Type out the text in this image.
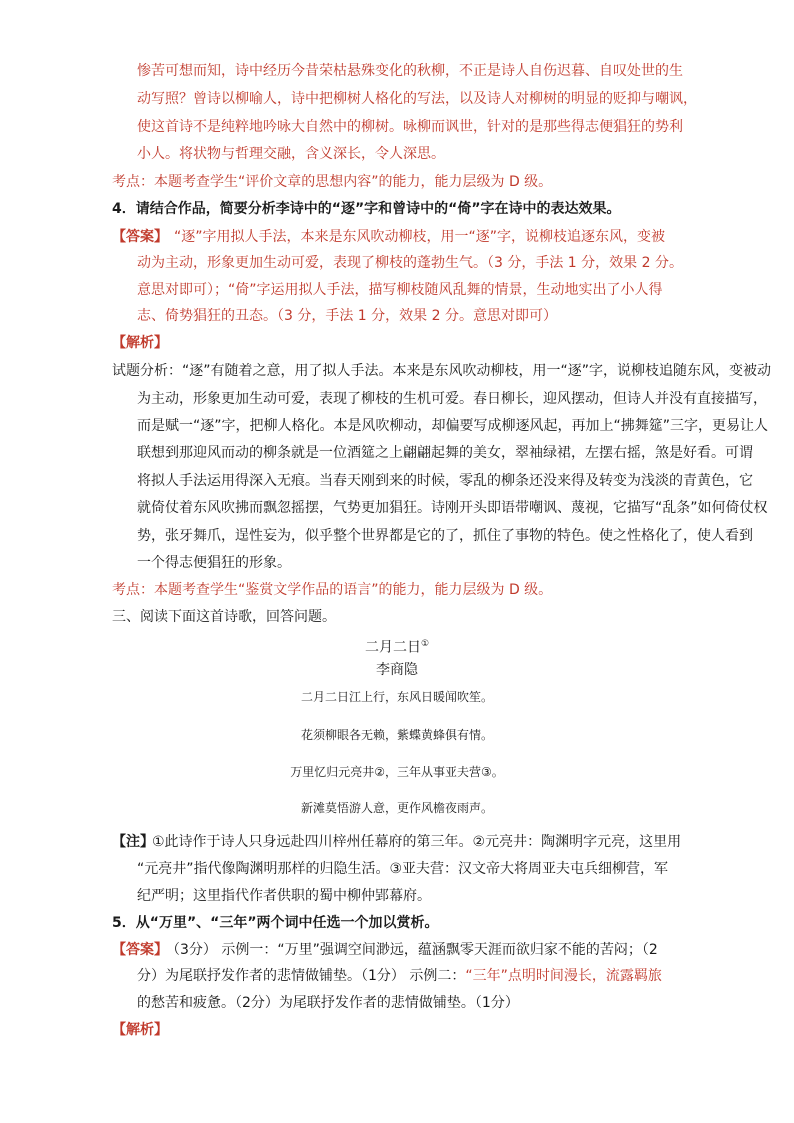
惨苦可想而知，诗中经历今昔荣枯悬殊变化的秋柳，不正是诗人自伤迟暮、自叹处世的生
动写照？曾诗以柳喻人，诗中把柳树人格化的写法，以及诗人对柳树的明显的贬抑与嘲讽，
使这首诗不是纯粹地吟咏大自然中的柳树。咏柳而讽世，针对的是那些得志便猖狂的势利
小人。将状物与哲理交融，含义深长，令人深思。
考点：本题考查学生“评价文章的思想内容”的能力，能力层级为 D 级。
4．请结合作品，简要分析李诗中的“逐”字和曾诗中的“倚”字在诗中的表达效果。
【答案】 “逐”字用拟人手法，本来是东风吹动柳枝，用一“逐”字，说柳枝追逐东风，变被
动为主动，形象更加生动可爱，表现了柳枝的蓬勃生气。（3 分，手法 1 分，效果 2 分。
意思对即可）；“倚”字运用拟人手法，描写柳枝随风乱舞的情景，生动地实出了小人得
志、倚势猖狂的丑态。（3 分，手法 1 分，效果 2 分。意思对即可）
【解析】
试题分析：“逐”有随着之意，用了拟人手法。本来是东风吹动柳枝，用一“逐”字，说柳枝追随东风，变被动
为主动，形象更加生动可爱，表现了柳枝的生机可爱。春日柳长，迎风摆动，但诗人并没有直接描写，
而是赋一“逐”字，把柳人格化。本是风吹柳动，却偏要写成柳逐风起，再加上“拂舞筵”三字，更易让人
联想到那迎风而动的柳条就是一位酒筵之上翩翩起舞的美女，翠袖绿裙，左摆右摇，煞是好看。可谓
将拟人手法运用得深入无痕。当春天刚到来的时候，零乱的柳条还没来得及转变为浅淡的青黄色，它
就倚仗着东风吹拂而飘忽摇摆，气势更加猖狂。诗刚开头即语带嘲讽、蔑视，它描写“乱条”如何倚仗权
势，张牙舞爪，逞性妄为，似乎整个世界都是它的了，抓住了事物的特色。使之性格化了，使人看到
一个得志便猖狂的形象。
考点：本题考查学生“鉴赏文学作品的语言”的能力，能力层级为 D 级。
三、阅读下面这首诗歌，回答问题。
二月二日①
李商隐
二月二日江上行，东风日暖闻吹笙。
花须柳眼各无赖，紫蝶黄蜂俱有情。
万里忆归元亮井②，三年从事亚夫营③。
新滩莫悟游人意，更作风檐夜雨声。
【注】
①此诗作于诗人只身远赴四川梓州任幕府的第三年。②元亮井：陶渊明字元亮，这里用
“元亮井”指代像陶渊明那样的归隐生活。③亚夫营：汉文帝大将周亚夫屯兵细柳营，军
纪严明；这里指代作者供职的蜀中柳仲郢幕府。
5．从“万里”、“三年”两个词中任选一个加以赏析。
【答案】
（3分） 示例一：“万里”强调空间渺远，蕴涵飘零天涯而欲归家不能的苦闷；（2
分）为尾联抒发作者的悲情做铺垫。（1分） 示例二：“三年”点明时间漫长，流露羁旅
的愁苦和疲惫。（2分）为尾联抒发作者的悲情做铺垫。（1分）
【解析】
